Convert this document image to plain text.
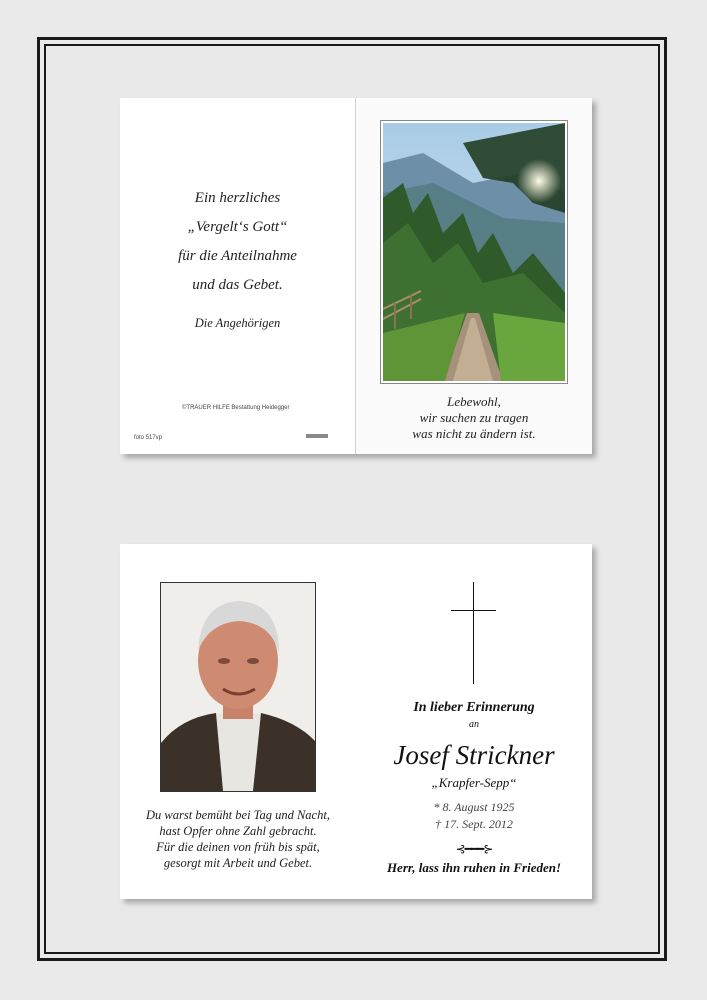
Ein herzliches
„Vergelt‘s Gott“
für die Anteilnahme
und das Gebet.
Die Angehörigen
©TRAUER HILFE Bestattung Heidegger
foto 517vp
Lebewohl,
wir suchen zu tragen
was nicht zu ändern ist.
Du warst bemüht bei Tag und Nacht,
hast Opfer ohne Zahl gebracht.
Für die deinen von früh bis spät,
gesorgt mit Arbeit und Gebet.
In lieber Erinnerung
an
Josef Strickner
„Krapfer-Sepp“
* 8. August 1925
† 17. Sept. 2012
⊰━━━⊱
Herr, lass ihn ruhen in Frieden!
